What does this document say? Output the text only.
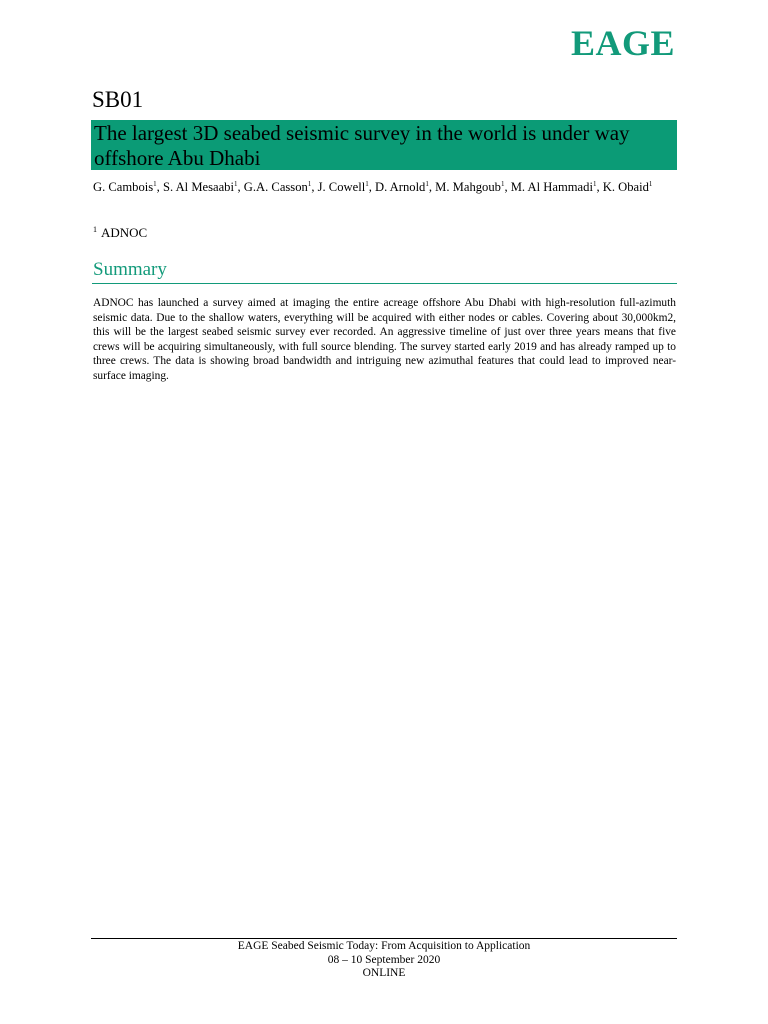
EAGE
SB01
The largest 3D seabed seismic survey in the world is under way offshore Abu Dhabi
G. Cambois$^1$, S. Al Mesaabi$^1$, G.A. Casson$^1$, J. Cowell$^1$, D. Arnold$^1$, M. Mahgoub$^1$, M. Al Hammadi$^1$, K. Obaid$^1$
$^1$ ADNOC
Summary

ADNOC has launched a survey aimed at imaging the entire acreage offshore Abu Dhabi with high-resolution full-azimuth seismic data. Due to the shallow waters, everything will be acquired with either nodes or cables. Covering about 30,000km2, this will be the largest seabed seismic survey ever recorded. An aggressive timeline of just over three years means that five crews will be acquiring simultaneously, with full source blending. The survey started early 2019 and has already ramped up to three crews. The data is showing broad bandwidth and intriguing new azimuthal features that could lead to improved near-surface imaging.

EAGE Seabed Seismic Today: From Acquisition to Application
08 – 10 September 2020
ONLINE
